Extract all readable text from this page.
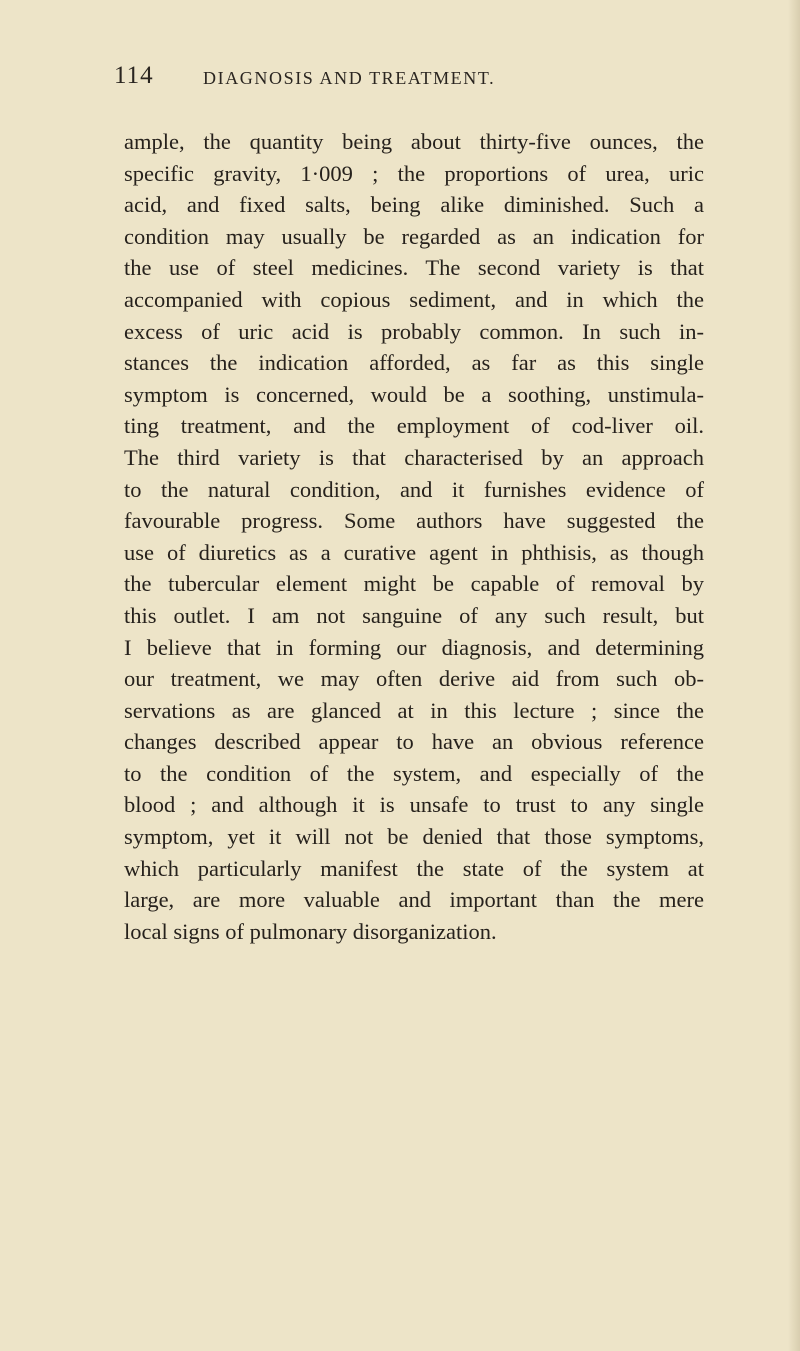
114	DIAGNOSIS AND TREATMENT.
ample, the quantity being about thirty-five ounces, the
specific gravity, 1·009 ; the proportions of urea, uric
acid, and fixed salts, being alike diminished. Such a
condition may usually be regarded as an indication for
the use of steel medicines. The second variety is that
accompanied with copious sediment, and in which the
excess of uric acid is probably common. In such in-
stances the indication afforded, as far as this single
symptom is concerned, would be a soothing, unstimula-
ting treatment, and the employment of cod-liver oil.
The third variety is that characterised by an approach
to the natural condition, and it furnishes evidence of
favourable progress. Some authors have suggested the
use of diuretics as a curative agent in phthisis, as though
the tubercular element might be capable of removal by
this outlet. I am not sanguine of any such result, but
I believe that in forming our diagnosis, and determining
our treatment, we may often derive aid from such ob-
servations as are glanced at in this lecture ; since the
changes described appear to have an obvious reference
to the condition of the system, and especially of the
blood ; and although it is unsafe to trust to any single
symptom, yet it will not be denied that those symptoms,
which particularly manifest the state of the system at
large, are more valuable and important than the mere
local signs of pulmonary disorganization.
